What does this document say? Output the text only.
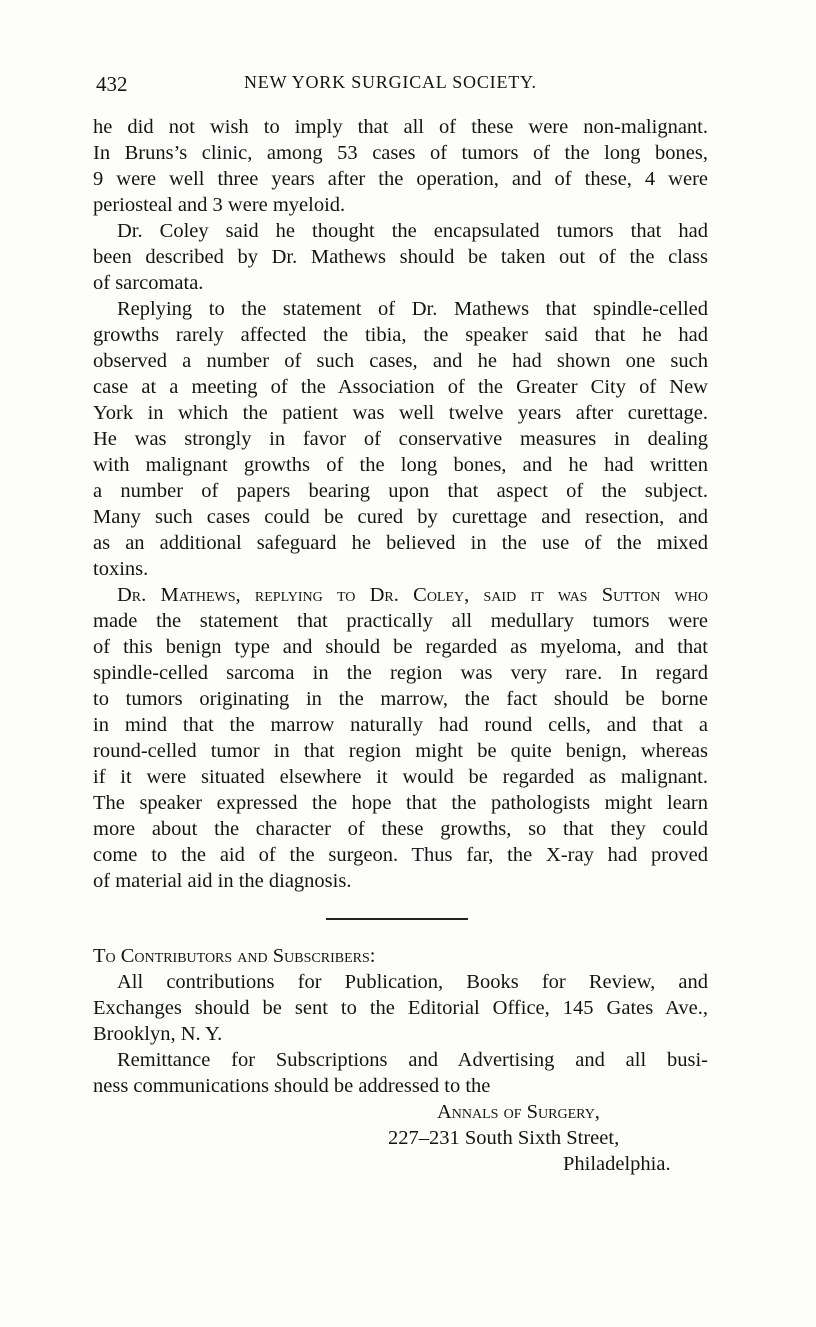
432	NEW YORK SURGICAL SOCIETY.
he did not wish to imply that all of these were non-malignant.
In Bruns’s clinic, among 53 cases of tumors of the long bones,
9 were well three years after the operation, and of these, 4 were
periosteal and 3 were myeloid.
Dr. Coley said he thought the encapsulated tumors that had
been described by Dr. Mathews should be taken out of the class
of sarcomata.
Replying to the statement of Dr. Mathews that spindle-celled
growths rarely affected the tibia, the speaker said that he had
observed a number of such cases, and he had shown one such
case at a meeting of the Association of the Greater City of New
York in which the patient was well twelve years after curettage.
He was strongly in favor of conservative measures in dealing
with malignant growths of the long bones, and he had written
a number of papers bearing upon that aspect of the subject.
Many such cases could be cured by curettage and resection, and
as an additional safeguard he believed in the use of the mixed
toxins.
Dr. Mathews, replying to Dr. Coley, said it was Sutton who
made the statement that practically all medullary tumors were
of this benign type and should be regarded as myeloma, and that
spindle-celled sarcoma in the region was very rare. In regard
to tumors originating in the marrow, the fact should be borne
in mind that the marrow naturally had round cells, and that a
round-celled tumor in that region might be quite benign, whereas
if it were situated elsewhere it would be regarded as malignant.
The speaker expressed the hope that the pathologists might learn
more about the character of these growths, so that they could
come to the aid of the surgeon. Thus far, the X-ray had proved
of material aid in the diagnosis.
To Contributors and Subscribers:
All contributions for Publication, Books for Review, and
Exchanges should be sent to the Editorial Office, 145 Gates Ave.,
Brooklyn, N. Y.
Remittance for Subscriptions and Advertising and all busi-
ness communications should be addressed to the
Annals of Surgery,
227–231 South Sixth Street,
Philadelphia.
